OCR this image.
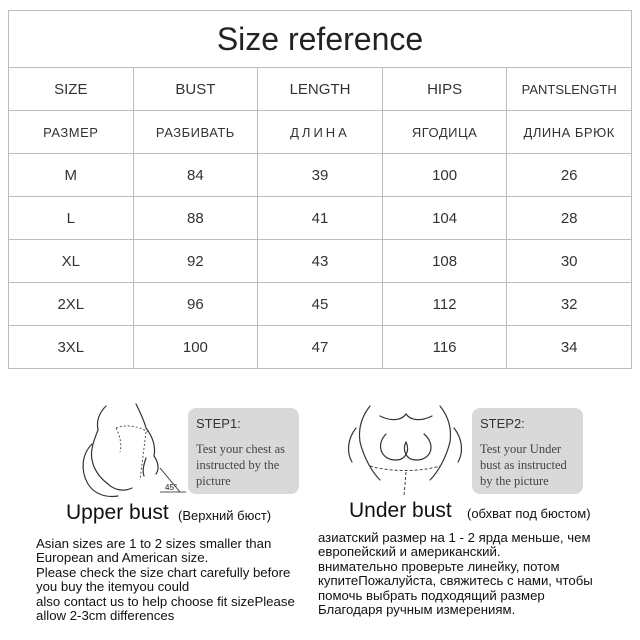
Size reference				
SIZE	BUST	LENGTH	HIPS	PANTSLENGTH
РАЗМЕР	РАЗБИВАТЬ	ДЛИНА	ЯГОДИЦА	ДЛИНА БРЮК
M	84	39	100	26
L	88	41	104	28
XL	92	43	108	30
2XL	96	45	112	32
3XL	100	47	116	34
45°
STEP1:
Test your chest as instructed by the picture
Upper bust (Верхний бюст)
STEP2:
Test your Under bust as instructed by the picture
Under bust (обхват под бюстом)
Asian sizes are 1 to 2 sizes smaller than
European and American size.
Please check the size chart carefully before
you buy the itemyou could
also contact us to help choose fit sizePlease
allow 2-3cm differences
азиатский размер на 1 - 2 ярда меньше, чем
европейский и американский.
внимательно проверьте линейку, потом
купитеПожалуйста, свяжитесь с нами, чтобы
помочь выбрать подходящий размер
Благодаря ручным измерениям.
